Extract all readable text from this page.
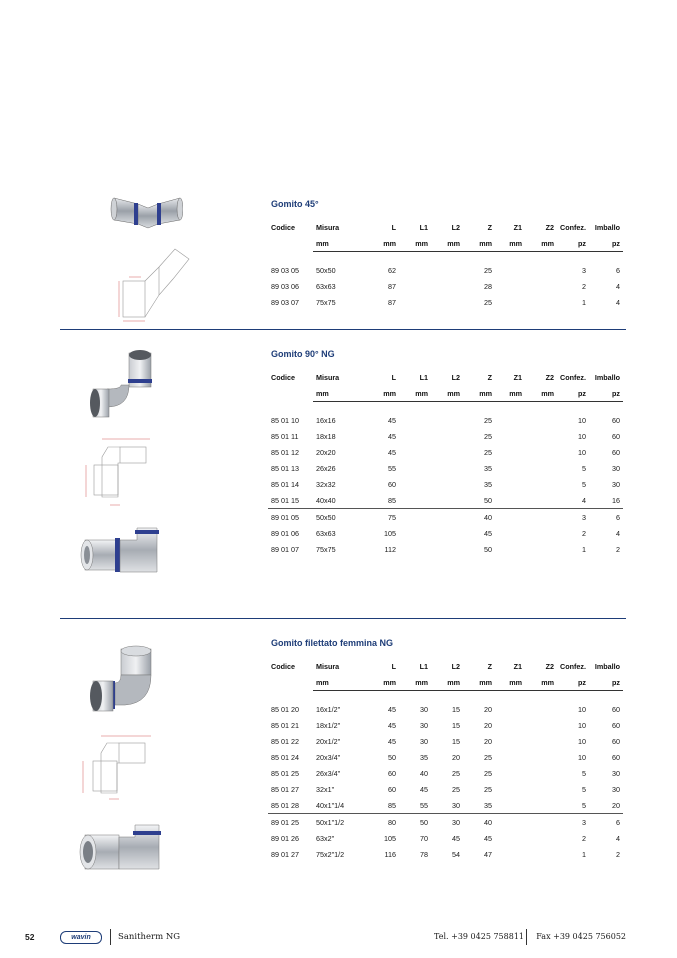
Gomito 45°
Codice	Misura	L	L1	L2	Z	Z1	Z2	Confez.	Imballo
	mm	mm	mm	mm	mm	mm	mm	pz	pz

89 03 05	50x50	62			25			3	6
89 03 06	63x63	87			28			2	4
89 03 07	75x75	87			25			1	4
Gomito 90° NG
Codice	Misura	L	L1	L2	Z	Z1	Z2	Confez.	Imballo
	mm	mm	mm	mm	mm	mm	mm	pz	pz

85 01 10	16x16	45			25			10	60
85 01 11	18x18	45			25			10	60
85 01 12	20x20	45			25			10	60
85 01 13	26x26	55			35			5	30
85 01 14	32x32	60			35			5	30
85 01 15	40x40	85			50			4	16
89 01 05	50x50	75			40			3	6
89 01 06	63x63	105			45			2	4
89 01 07	75x75	112			50			1	2
Gomito filettato femmina NG
Codice	Misura	L	L1	L2	Z	Z1	Z2	Confez.	Imballo
	mm	mm	mm	mm	mm	mm	mm	pz	pz

85 01 20	16x1/2"	45	30	15	20			10	60
85 01 21	18x1/2"	45	30	15	20			10	60
85 01 22	20x1/2"	45	30	15	20			10	60
85 01 24	20x3/4"	50	35	20	25			10	60
85 01 25	26x3/4"	60	40	25	25			5	30
85 01 27	32x1"	60	45	25	25			5	30
85 01 28	40x1"1/4	85	55	30	35			5	20
89 01 25	50x1"1/2	80	50	30	40			3	6
89 01 26	63x2"	105	70	45	45			2	4
89 01 27	75x2"1/2	116	78	54	47			1	2
52	wavin	Sanitherm NG	Tel. +39 0425 758811 Fax +39 0425 756052
